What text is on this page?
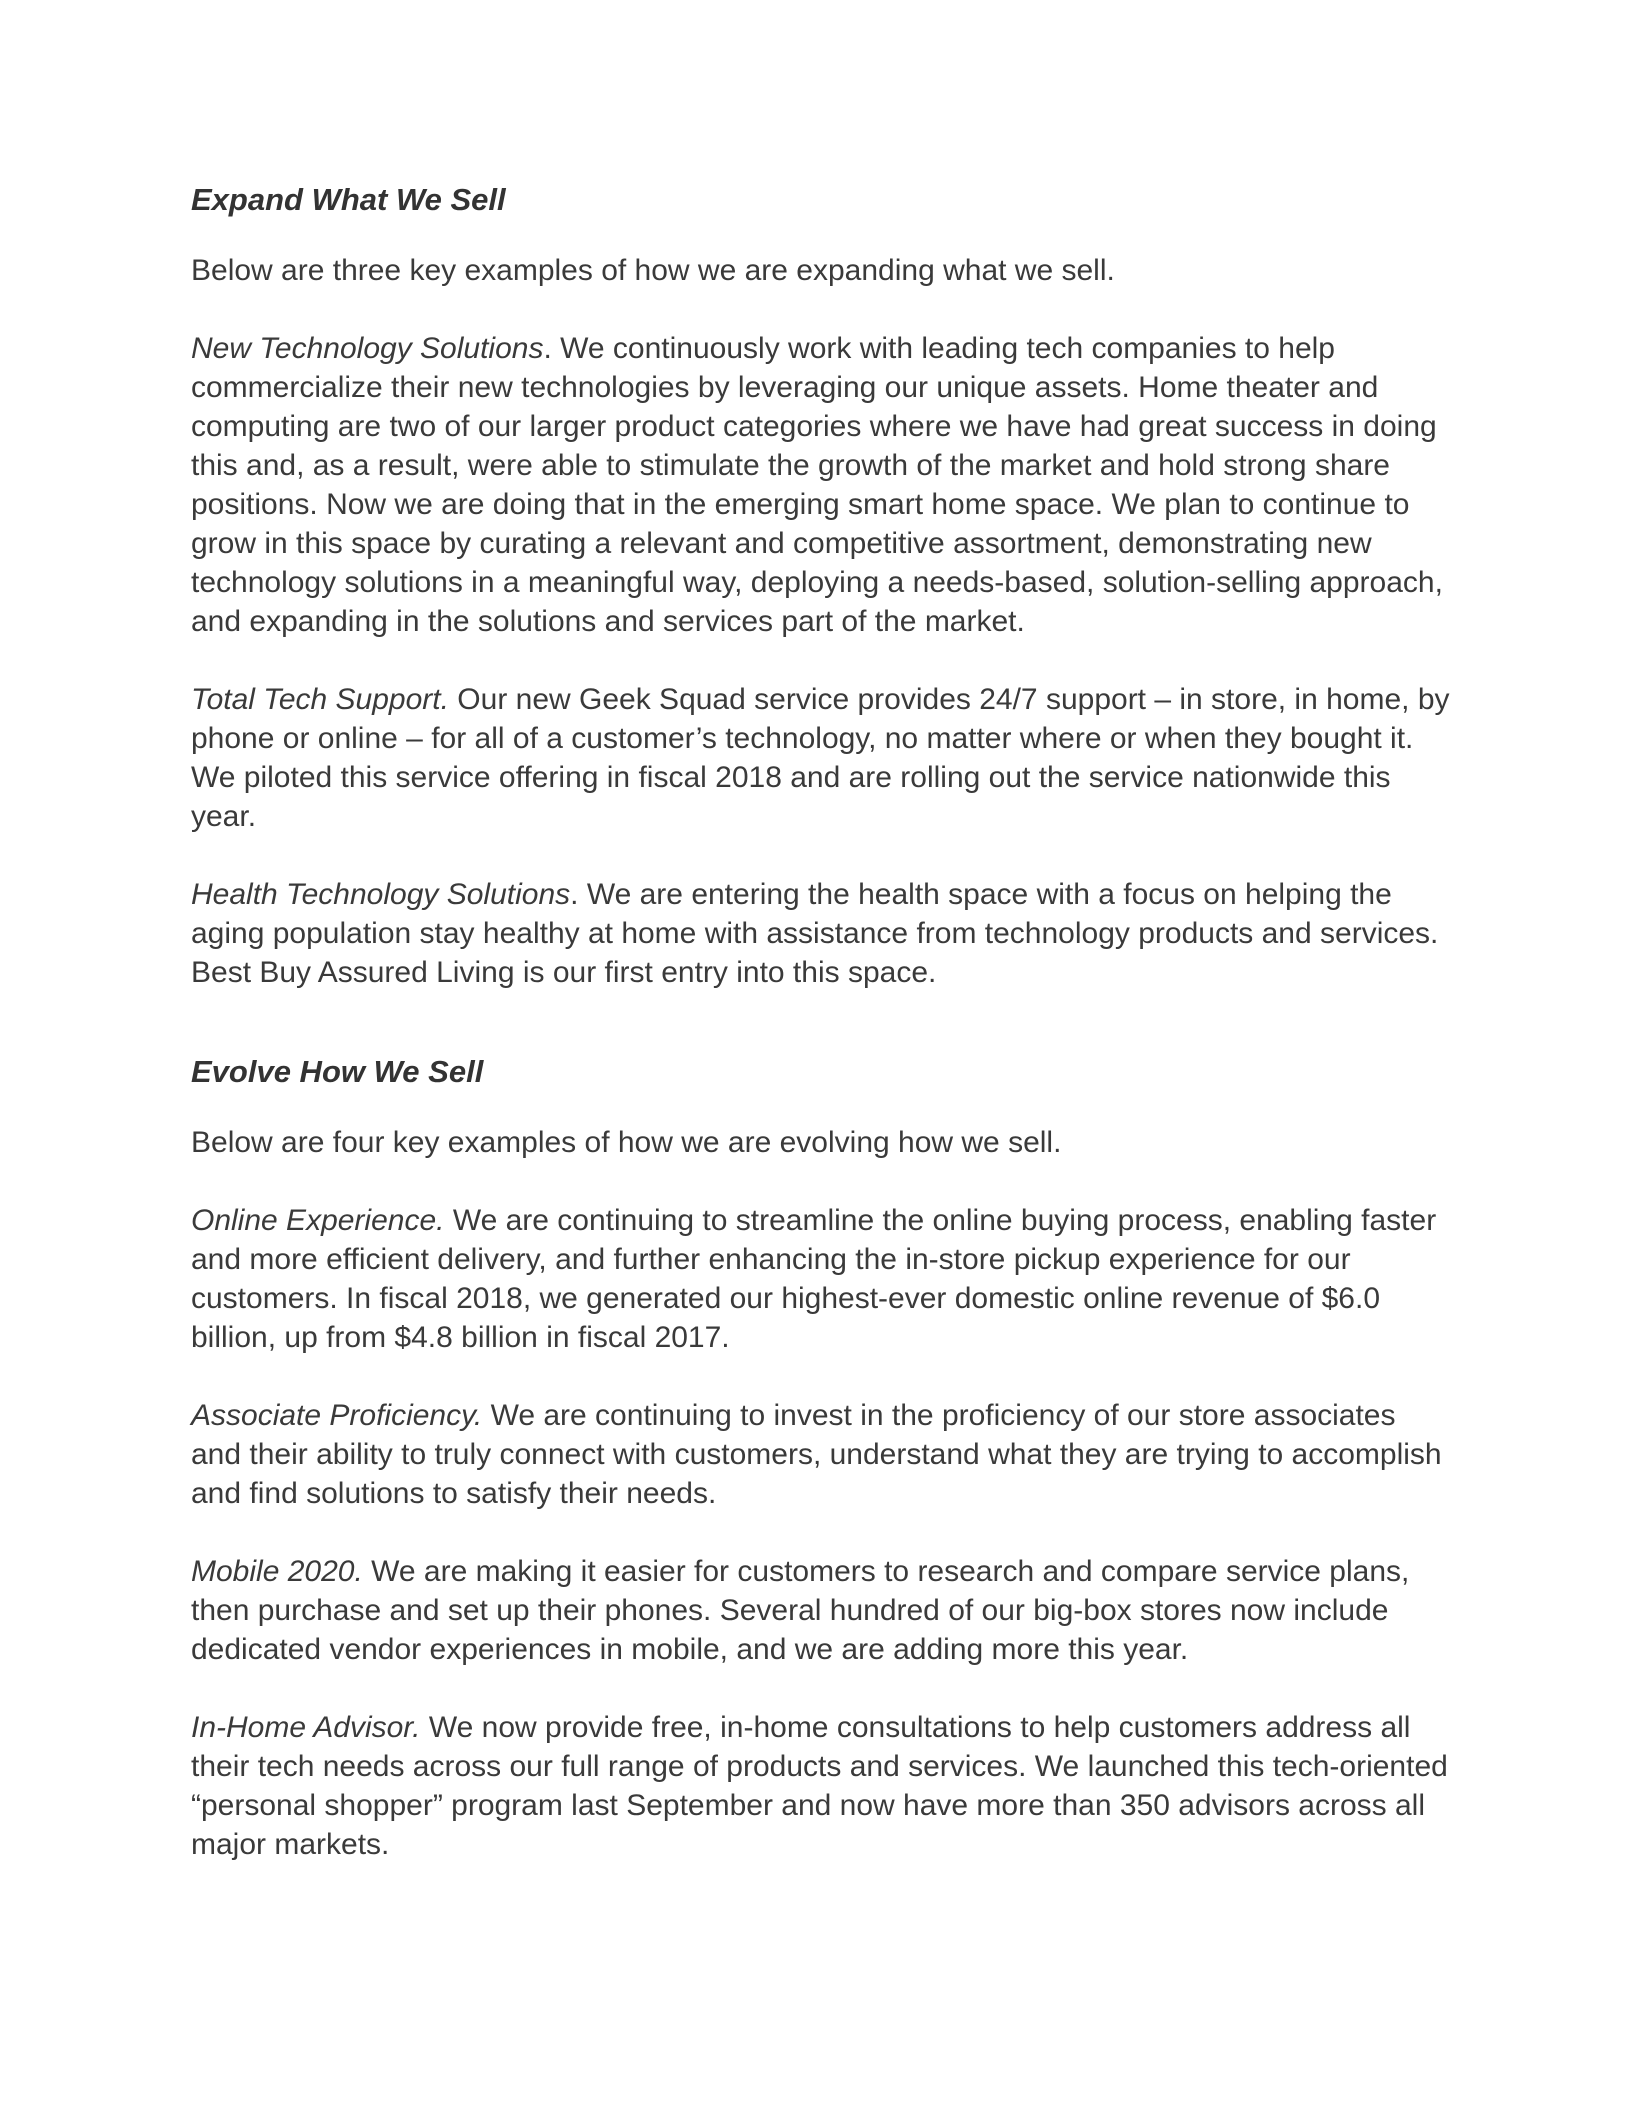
Expand What We Sell

Below are three key examples of how we are expanding what we sell.

New Technology Solutions. We continuously work with leading tech companies to help commercialize their new technologies by leveraging our unique assets. Home theater and computing are two of our larger product categories where we have had great success in doing this and, as a result, were able to stimulate the growth of the market and hold strong share positions. Now we are doing that in the emerging smart home space. We plan to continue to grow in this space by curating a relevant and competitive assortment, demonstrating new technology solutions in a meaningful way, deploying a needs-based, solution-selling approach, and expanding in the solutions and services part of the market.

Total Tech Support. Our new Geek Squad service provides 24/7 support – in store, in home, by phone or online – for all of a customer’s technology, no matter where or when they bought it. We piloted this service offering in fiscal 2018 and are rolling out the service nationwide this year.

Health Technology Solutions. We are entering the health space with a focus on helping the aging population stay healthy at home with assistance from technology products and services. Best Buy Assured Living is our first entry into this space.

Evolve How We Sell

Below are four key examples of how we are evolving how we sell.

Online Experience. We are continuing to streamline the online buying process, enabling faster and more efficient delivery, and further enhancing the in-store pickup experience for our customers. In fiscal 2018, we generated our highest-ever domestic online revenue of $6.0 billion, up from $4.8 billion in fiscal 2017.

Associate Proficiency. We are continuing to invest in the proficiency of our store associates and their ability to truly connect with customers, understand what they are trying to accomplish and find solutions to satisfy their needs.

Mobile 2020. We are making it easier for customers to research and compare service plans, then purchase and set up their phones. Several hundred of our big-box stores now include dedicated vendor experiences in mobile, and we are adding more this year.

In-Home Advisor. We now provide free, in-home consultations to help customers address all their tech needs across our full range of products and services. We launched this tech-oriented “personal shopper” program last September and now have more than 350 advisors across all major markets.
